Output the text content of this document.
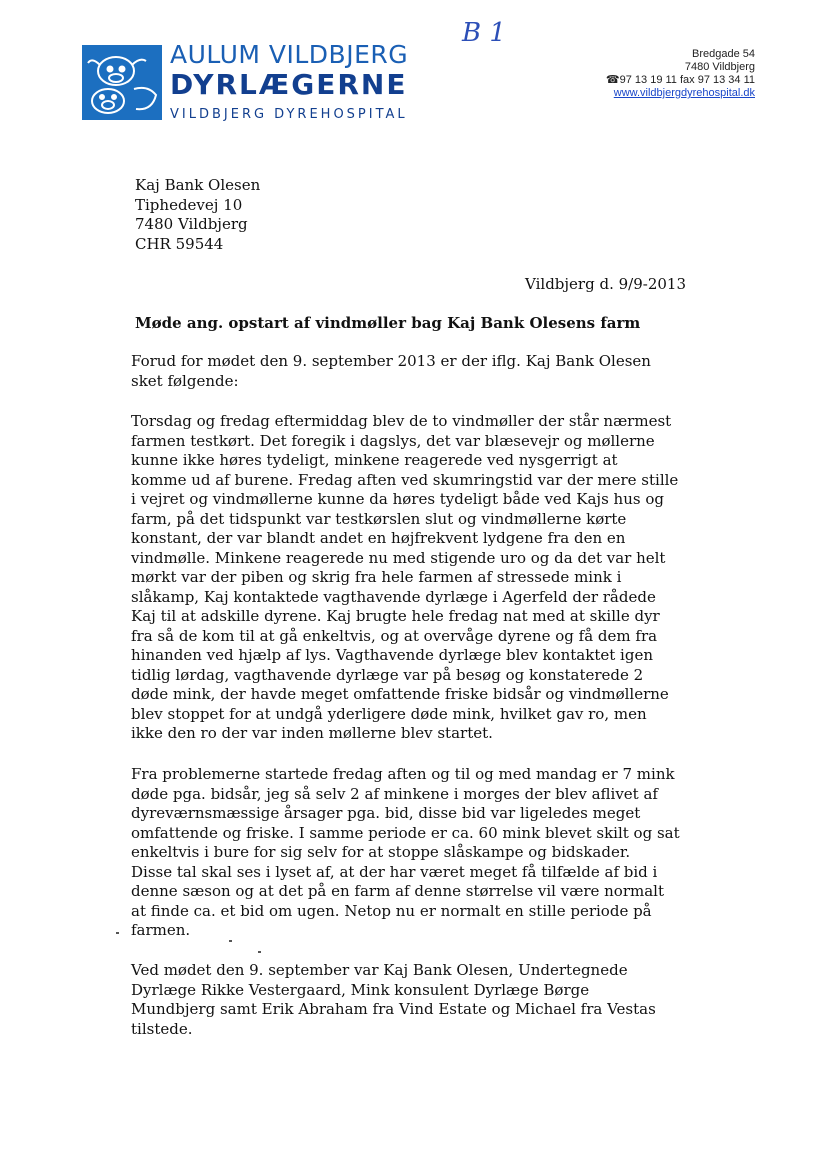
AULUM VILDBJERG
DYRLÆGERNE
VILDBJERG DYREHOSPITAL
B 1
Bredgade 54
7480 Vildbjerg
☎97 13 19 11 fax 97 13 34 11
www.vildbjergdyrehospital.dk
Kaj Bank Olesen
Tiphedevej 10
7480 Vildbjerg
CHR 59544
Vildbjerg d. 9/9-2013
Møde ang. opstart af vindmøller bag Kaj Bank Olesens farm
Forud for mødet den 9. september 2013 er der iflg. Kaj Bank Olesen
sket følgende:
Torsdag og fredag eftermiddag blev de to vindmøller der står nærmest
farmen testkørt. Det foregik i dagslys, det var blæsevejr og møllerne
kunne ikke høres tydeligt, minkene reagerede ved nysgerrigt at
komme ud af burene. Fredag aften ved skumringstid var der mere stille
i vejret og vindmøllerne kunne da høres tydeligt både ved Kajs hus og
farm, på det tidspunkt var testkørslen slut og vindmøllerne kørte
konstant, der var blandt andet en højfrekvent lydgene fra den en
vindmølle. Minkene reagerede nu med stigende uro og da det var helt
mørkt var der piben og skrig fra hele farmen af stressede mink i
slåkamp, Kaj kontaktede vagthavende dyrlæge i Agerfeld der rådede
Kaj til at adskille dyrene. Kaj brugte hele fredag nat med at skille dyr
fra så de kom til at gå enkeltvis, og at overvåge dyrene og få dem fra
hinanden ved hjælp af lys. Vagthavende dyrlæge blev kontaktet igen
tidlig lørdag, vagthavende dyrlæge var på besøg og konstaterede 2
døde mink, der havde meget omfattende friske bidsår og vindmøllerne
blev stoppet for at undgå yderligere døde mink, hvilket gav ro, men
ikke den ro der var inden møllerne blev startet.
Fra problemerne startede fredag aften og til og med mandag er 7 mink
døde pga. bidsår, jeg så selv 2 af minkene i morges der blev aflivet af
dyreværnsmæssige årsager pga. bid, disse bid var ligeledes meget
omfattende og friske. I samme periode er ca. 60 mink blevet skilt og sat
enkeltvis i bure for sig selv for at stoppe slåskampe og bidskader.
Disse tal skal ses i lyset af, at der har været meget få tilfælde af bid i
denne sæson og at det på en farm af denne størrelse vil være normalt
at finde ca. et bid om ugen. Netop nu er normalt en stille periode på
farmen.
Ved mødet den 9. september var Kaj Bank Olesen, Undertegnede
Dyrlæge Rikke Vestergaard, Mink konsulent Dyrlæge Børge
Mundbjerg samt Erik Abraham fra Vind Estate og Michael fra Vestas
tilstede.
